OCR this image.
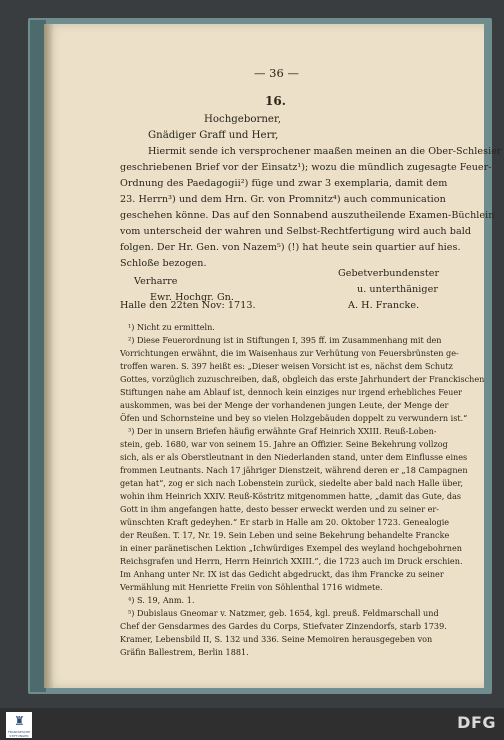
— 36 —
16.
Hochgeborner,
Gnädiger Graff und Herr,
Hiermit sende ich versprochener maaßen meinen an die Ober-Schlesier
geschriebenen Brief vor der Einsatz¹); wozu die mündlich zugesagte Feuer-
Ordnung des Paedagogii²) füge und zwar 3 exemplaria, damit dem
23. Herrn³) und dem Hrn. Gr. von Promnitz⁴) auch communication
geschehen könne. Das auf den Sonnabend auszutheilende Examen-Büchlein
vom unterscheid der wahren und Selbst-Rechtfertigung wird auch bald
folgen. Der Hr. Gen. von Nazem⁵) (!) hat heute sein quartier auf hies.
Schloße bezogen.
Verharre
Ewr. Hochgr. Gn.
Gebetverbundenster
u. unterthäniger
Halle den 22ten Nov: 1713.	A. H. Francke.
¹) Nicht zu ermitteln.
²) Diese Feuerordnung ist in Stiftungen I, 395 ff. im Zusammenhang mit den
Vorrichtungen erwähnt, die im Waisenhaus zur Verhütung von Feuersbrünsten ge-
troffen waren. S. 397 heißt es: „Dieser weisen Vorsicht ist es, nächst dem Schutz
Gottes, vorzüglich zuzuschreiben, daß, obgleich das erste Jahrhundert der Franckischen
Stiftungen nahe am Ablauf ist, dennoch kein einziges nur irgend erhebliches Feuer
auskommen, was bei der Menge der vorhandenen jungen Leute, der Menge der
Öfen und Schornsteine und bey so vielen Holzgebäuden doppelt zu verwundern ist.“
³) Der in unsern Briefen häufig erwähnte Graf Heinrich XXIII. Reuß-Loben-
stein, geb. 1680, war von seinem 15. Jahre an Offizier. Seine Bekehrung vollzog
sich, als er als Oberstleutnant in den Niederlanden stand, unter dem Einflusse eines
frommen Leutnants. Nach 17 jähriger Dienstzeit, während deren er „18 Campagnen
getan hat“, zog er sich nach Lobenstein zurück, siedelte aber bald nach Halle über,
wohin ihm Heinrich XXIV. Reuß-Köstritz mitgenommen hatte, „damit das Gute, das
Gott in ihm angefangen hatte, desto besser erweckt werden und zu seiner er-
wünschten Kraft gedeyhen.“ Er starb in Halle am 20. Oktober 1723. Genealogie
der Reußen. T. 17, Nr. 19. Sein Leben und seine Bekehrung behandelte Francke
in einer paränetischen Lektion „Ichwürdiges Exempel des weyland hochgebohrnen
Reichsgrafen und Herrn, Herrn Heinrich XXIII.“, die 1723 auch im Druck erschien.
Im Anhang unter Nr. IX ist das Gedicht abgedruckt, das ihm Francke zu seiner
Vermählung mit Henriette Freiin von Söhlenthal 1716 widmete.
⁴) S. 19, Anm. 1.
⁵) Dubislaus Gneomar v. Natzmer, geb. 1654, kgl. preuß. Feldmarschall und
Chef der Gensdarmes des Gardes du Corps, Stiefvater Zinzendorfs, starb 1739.
Kramer, Lebensbild II, S. 132 und 336. Seine Memoiren herausgegeben von
Gräfin Ballestrem, Berlin 1881.
♜
FRANCKESCHE STIFTUNGEN
DFG
